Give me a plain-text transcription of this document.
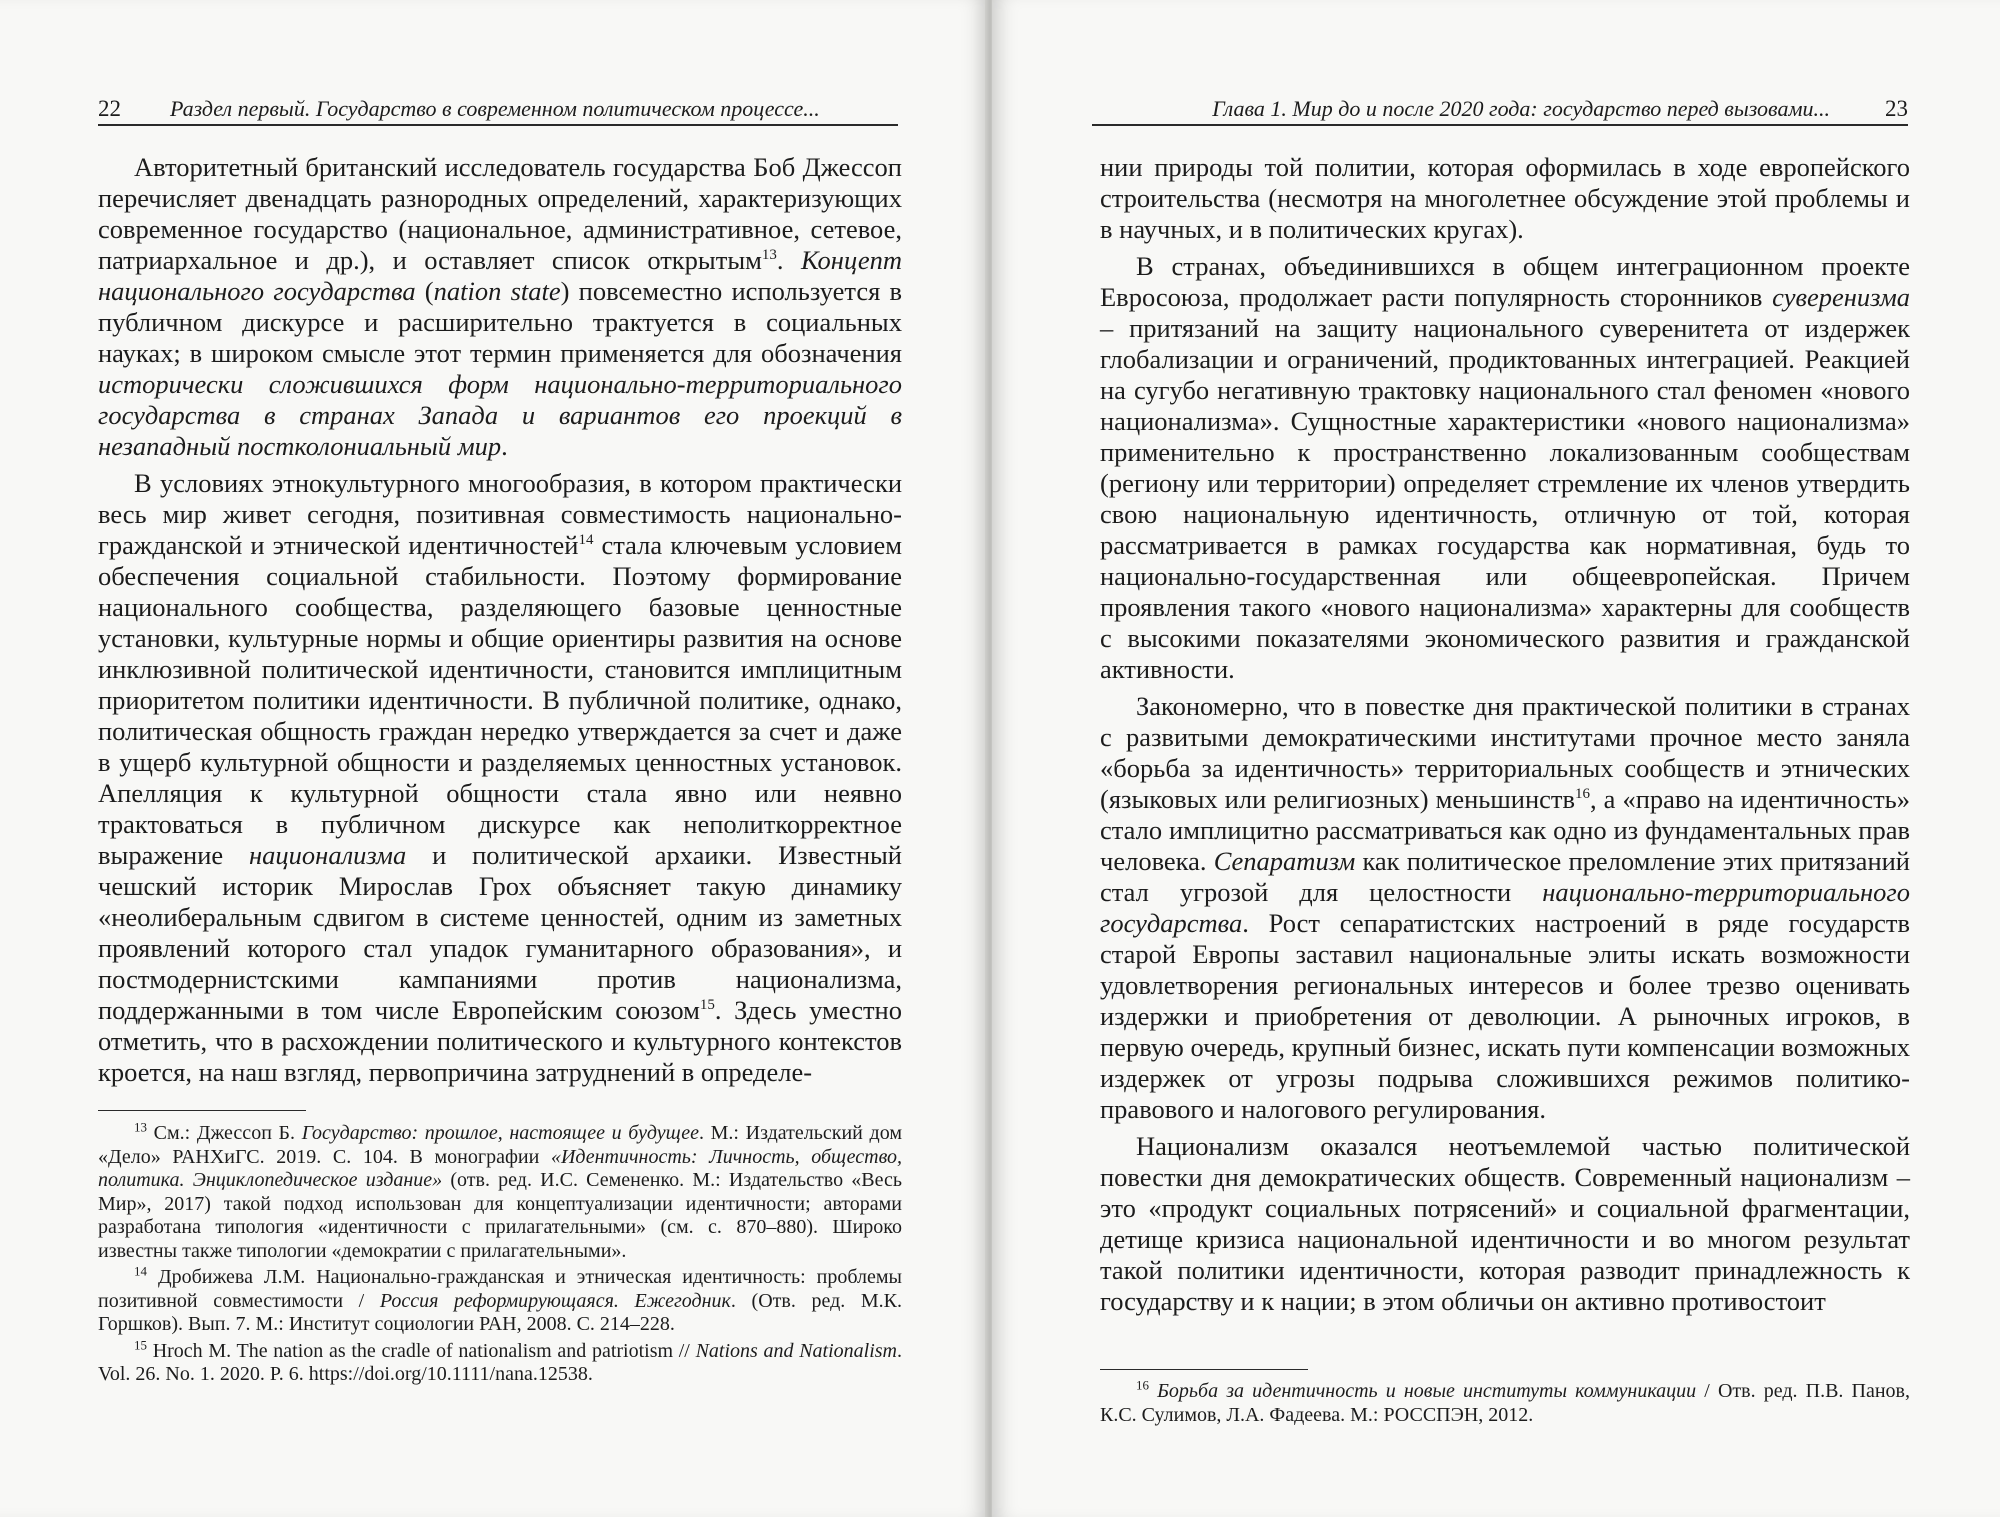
22 Раздел первый. Государство в современном политическом процессе...

Авторитетный британский исследователь государства Боб Джессоп перечисляет двенадцать разнородных определений, характеризующих современное государство (национальное, административное, сетевое, патриархальное и др.), и оставляет список открытым$^{13}$. Концепт национального государства (nation state) повсеместно используется в публичном дискурсе и расширительно трактуется в социальных науках; в широком смысле этот термин применяется для обозначения исторически сложившихся форм национально-территориального государства в странах Запада и вариантов его проекций в незападный постколониальный мир.

В условиях этнокультурного многообразия, в котором практически весь мир живет сегодня, позитивная совместимость национально-гражданской и этнической идентичностей$^{14}$ стала ключевым условием обеспечения социальной стабильности. Поэтому формирование национального сообщества, разделяющего базовые ценностные установки, культурные нормы и общие ориентиры развития на основе инклюзивной политической идентичности, становится имплицитным приоритетом политики идентичности. В публичной политике, однако, политическая общность граждан нередко утверждается за счет и даже в ущерб культурной общности и разделяемых ценностных установок. Апелляция к культурной общности стала явно или неявно трактоваться в публичном дискурсе как неполиткорректное выражение национализма и политической архаики. Известный чешский историк Мирослав Грох объясняет такую динамику «неолиберальным сдвигом в системе ценностей, одним из заметных проявлений которого стал упадок гуманитарного образования», и постмодернистскими кампаниями против национализма, поддержанными в том числе Европейским союзом$^{15}$. Здесь уместно отметить, что в расхождении политического и культурного контекстов кроется, на наш взгляд, первопричина затруднений в определе-

$^{13}$ См.: Джессоп Б. Государство: прошлое, настоящее и будущее. М.: Издательский дом «Дело» РАНХиГС. 2019. С. 104. В монографии «Идентичность: Личность, общество, политика. Энциклопедическое издание» (отв. ред. И.С. Семененко. М.: Издательство «Весь Мир», 2017) такой подход использован для концептуализации идентичности; авторами разработана типология «идентичности с прилагательными» (см. с. 870–880). Широко известны также типологии «демократии с прилагательными».

$^{14}$ Дробижева Л.М. Национально-гражданская и этническая идентичность: проблемы позитивной совместимости / Россия реформирующаяся. Ежегодник. (Отв. ред. М.К. Горшков). Вып. 7. М.: Институт социологии РАН, 2008. С. 214–228.

$^{15}$ Hroch M. The nation as the cradle of nationalism and patriotism // Nations and Nationalism. Vol. 26. No. 1. 2020. P. 6. https://doi.org/10.1111/nana.12538.

Глава 1. Мир до и после 2020 года: государство перед вызовами... 23

нии природы той политии, которая оформилась в ходе европейского строительства (несмотря на многолетнее обсуждение этой проблемы и в научных, и в политических кругах).

В странах, объединившихся в общем интеграционном проекте Евросоюза, продолжает расти популярность сторонников суверенизма – притязаний на защиту национального суверенитета от издержек глобализации и ограничений, продиктованных интеграцией. Реакцией на сугубо негативную трактовку национального стал феномен «нового национализма». Сущностные характеристики «нового национализма» применительно к пространственно локализованным сообществам (региону или территории) определяет стремление их членов утвердить свою национальную идентичность, отличную от той, которая рассматривается в рамках государства как нормативная, будь то национально-государственная или общеевропейская. Причем проявления такого «нового национализма» характерны для сообществ с высокими показателями экономического развития и гражданской активности.

Закономерно, что в повестке дня практической политики в странах с развитыми демократическими институтами прочное место заняла «борьба за идентичность» территориальных сообществ и этнических (языковых или религиозных) меньшинств$^{16}$, а «право на идентичность» стало имплицитно рассматриваться как одно из фундаментальных прав человека. Сепаратизм как политическое преломление этих притязаний стал угрозой для целостности национально-территориального государства. Рост сепаратистских настроений в ряде государств старой Европы заставил национальные элиты искать возможности удовлетворения региональных интересов и более трезво оценивать издержки и приобретения от деволюции. А рыночных игроков, в первую очередь, крупный бизнес, искать пути компенсации возможных издержек от угрозы подрыва сложившихся режимов политико-правового и налогового регулирования.

Национализм оказался неотъемлемой частью политической повестки дня демократических обществ. Современный национализм – это «продукт социальных потрясений» и социальной фрагментации, детище кризиса национальной идентичности и во многом результат такой политики идентичности, которая разводит принадлежность к государству и к нации; в этом обличьи он активно противостоит

$^{16}$ Борьба за идентичность и новые институты коммуникации / Отв. ред. П.В. Панов, К.С. Сулимов, Л.А. Фадеева. М.: РОССПЭН, 2012.
